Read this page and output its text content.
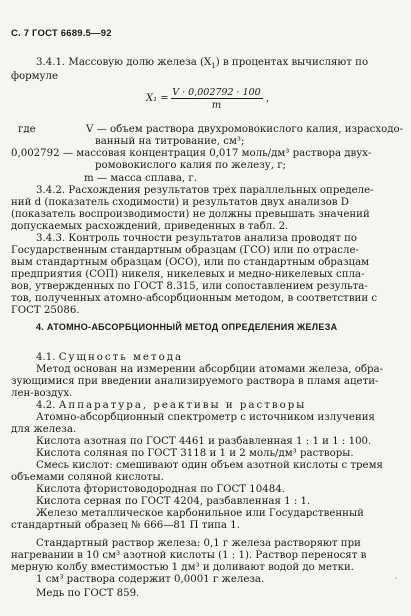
С. 7 ГОСТ 6689.5—92
3.4.1. Массовую долю железа $(X_1)$ в процентах вычисляют по
формуле
X₁ =
V · 0,002792 · 100
m
,
где	V — объем раствора двухромовокислого калия, израсходо-
ванный на титрование, см³;
0,002792 — массовая концентрация 0,017 моль/дм³ раствора двух-
ромовокислого калия по железу, г;
m — масса сплава, г.
3.4.2. Расхождения результатов трех параллельных определе-
ний d (показатель сходимости) и результатов двух анализов D
(показатель воспроизводимости) не должны превышать значений
допускаемых расхождений, приведенных в табл. 2.
3.4.3. Контроль точности результатов анализа проводят по
Государственным стандартным образцам (ГСО) или по отрасле-
вым стандартным образцам (ОСО), или по стандартным образцам
предприятия (СОП) никеля, никелевых и медно-никелевых спла-
вов, утвержденных по ГОСТ 8.315, или сопоставлением результа-
тов, полученных атомно-абсорбционным методом, в соответствии с
ГОСТ 25086.
4. АТОМНО-АБСОРБЦИОННЫЙ МЕТОД ОПРЕДЕЛЕНИЯ ЖЕЛЕЗА
4.1. Сущность метода
Метод основан на измерении абсорбции атомами железа, обра-
зующимися при введении анализируемого раствора в пламя ацети-
лен-воздух.
4.2. Аппаратура, реактивы и растворы
Атомно-абсорбционный спектрометр с источником излучения
для железа.
Кислота азотная по ГОСТ 4461 и разбавленная 1 : 1 и 1 : 100.
Кислота соляная по ГОСТ 3118 и 1 и 2 моль/дм³ растворы.
Смесь кислот: смешивают один объем азотной кислоты с тремя
объемами соляной кислоты.
Кислота фтористоводородная по ГОСТ 10484.
Кислота серная по ГОСТ 4204, разбавленная 1 : 1.
Железо металлическое карбонильное или Государственный
стандартный образец № 666—81 П типа 1.
Стандартный раствор железа: 0,1 г железа растворяют при
нагревании в 10 см³ азотной кислоты (1 : 1). Раствор переносят в
мерную колбу вместимостью 1 дм³ и доливают водой до метки.
1 см³ раствора содержит 0,0001 г железа.
Медь по ГОСТ 859.
·
